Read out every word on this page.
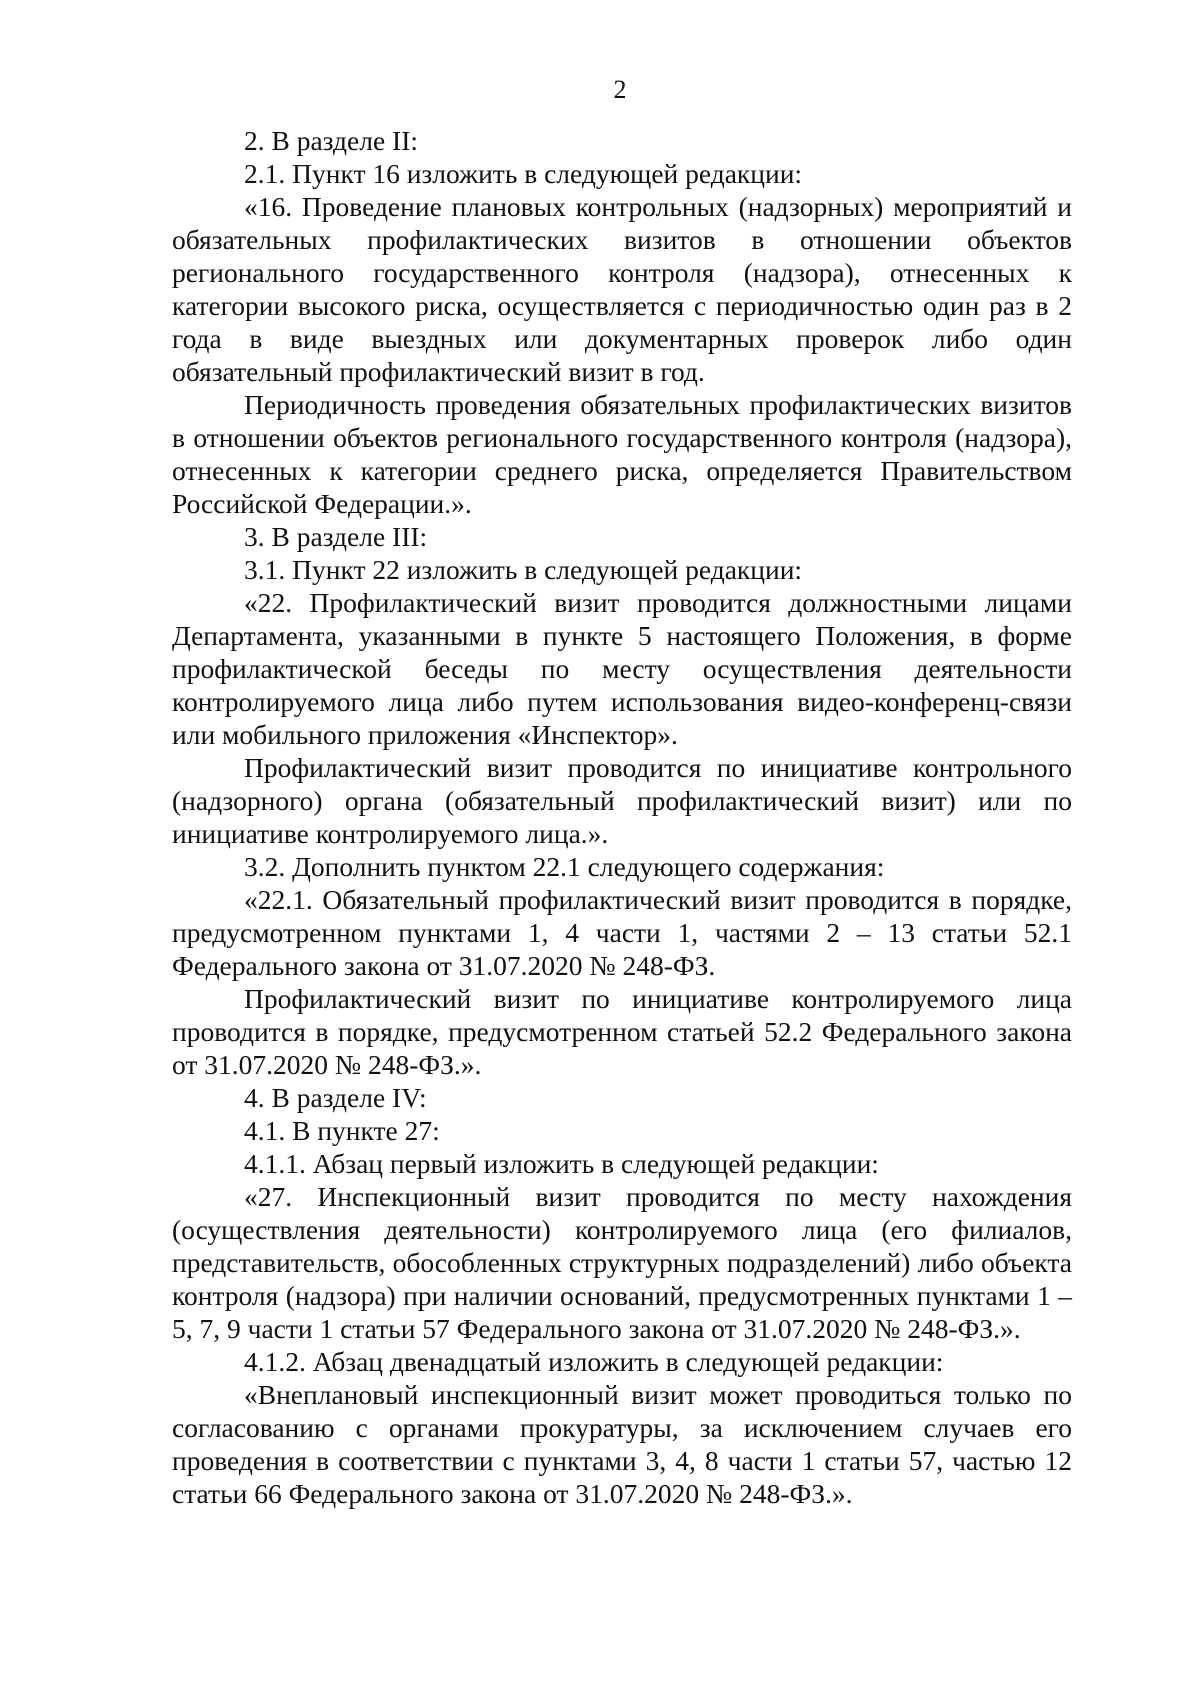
2

2. В разделе II:

2.1. Пункт 16 изложить в следующей редакции:

«16. Проведение плановых контрольных (надзорных) мероприятий и обязательных профилактических визитов в отношении объектов регионального государственного контроля (надзора), отнесенных к категории высокого риска, осуществляется с периодичностью один раз в 2 года в виде выездных или документарных проверок либо один обязательный профилактический визит в год.

Периодичность проведения обязательных профилактических визитов в отношении объектов регионального государственного контроля (надзора), отнесенных к категории среднего риска, определяется Правительством Российской Федерации.».

3. В разделе III:

3.1. Пункт 22 изложить в следующей редакции:

«22. Профилактический визит проводится должностными лицами Департамента, указанными в пункте 5 настоящего Положения, в форме профилактической беседы по месту осуществления деятельности контролируемого лица либо путем использования видео-конференц-связи или мобильного приложения «Инспектор».

Профилактический визит проводится по инициативе контрольного (надзорного) органа (обязательный профилактический визит) или по инициативе контролируемого лица.».

3.2. Дополнить пунктом 22.1 следующего содержания:

«22.1. Обязательный профилактический визит проводится в порядке, предусмотренном пунктами 1, 4 части 1, частями 2 – 13 статьи 52.1 Федерального закона от 31.07.2020 № 248-ФЗ.

Профилактический визит по инициативе контролируемого лица проводится в порядке, предусмотренном статьей 52.2 Федерального закона от 31.07.2020 № 248-ФЗ.».

4. В разделе IV:

4.1. В пункте 27:

4.1.1. Абзац первый изложить в следующей редакции:

«27. Инспекционный визит проводится по месту нахождения (осуществления деятельности) контролируемого лица (его филиалов, представительств, обособленных структурных подразделений) либо объекта контроля (надзора) при наличии оснований, предусмотренных пунктами 1 – 5, 7, 9 части 1 статьи 57 Федерального закона от 31.07.2020 № 248-ФЗ.».

4.1.2. Абзац двенадцатый изложить в следующей редакции:

«Внеплановый инспекционный визит может проводиться только по согласованию с органами прокуратуры, за исключением случаев его проведения в соответствии с пунктами 3, 4, 8 части 1 статьи 57, частью 12 статьи 66 Федерального закона от 31.07.2020 № 248-ФЗ.».
